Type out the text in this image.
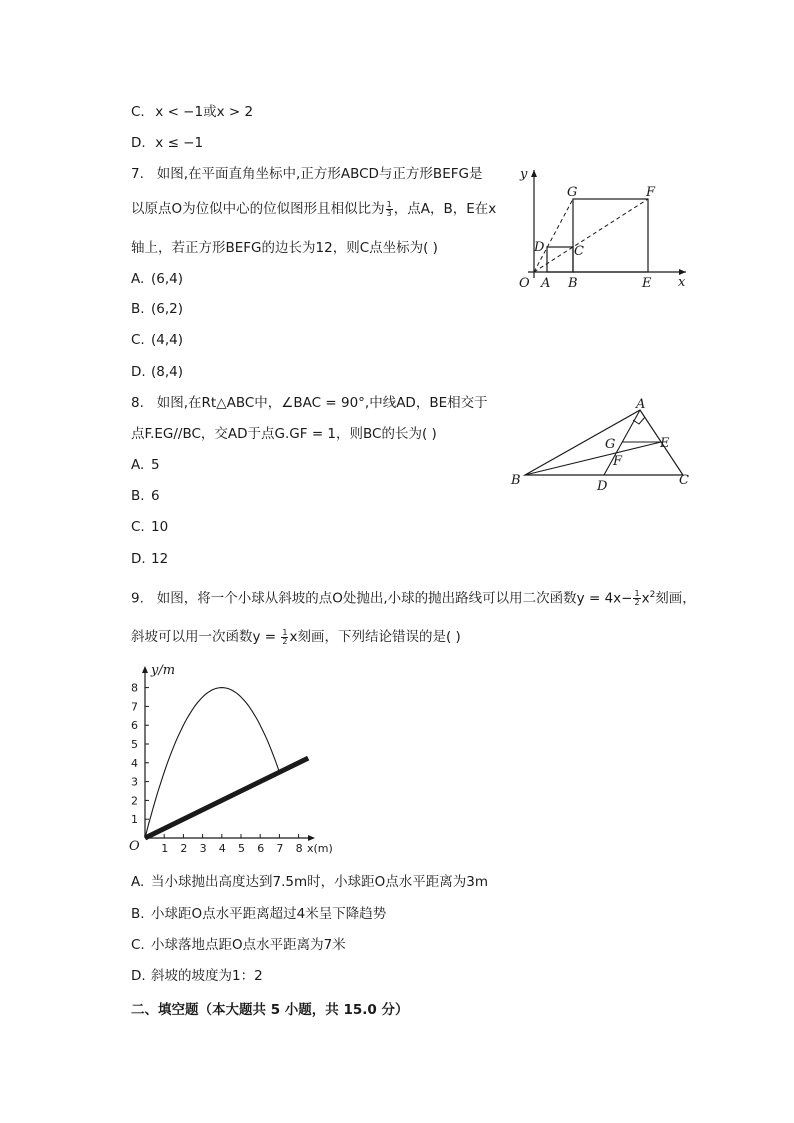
C. x < −1或x > 2
D. x ≤ −1
7. 如图,在平面直角坐标中,正方形ABCD与正方形BEFG是
以原点O为位似中心的位似图形且相似比为 $\frac{1}{3}$ ，点A，B，E在x
轴上，若正方形BEFG的边长为12，则C点坐标为( )
A. (6,4)
B. (6,2)
C. (4,4)
D. (8,4)
y
x
O A B	E
D C
G	F
8. 如图,在Rt△ABC中，∠BAC = 90°,中线AD，BE相交于
点F.EG//BC，交AD于点G.GF = 1，则BC的长为( )
A. 5
B. 6
C. 10
D. 12
A
B	C
D
E
F
G
9. 如图，将一个小球从斜坡的点O处抛出,小球的抛出路线可以用二次函数$y = 4x- \frac{1}{2} x^2$刻画，
斜坡可以用一次函数$y = \frac{1}{2}$ x刻画，下列结论错误的是( )
1 2 3 4 5 6 7 8
1
2
3
4
5
6
7
8
y/m
x(m)
O
A. 当小球抛出高度达到7.5m时，小球距O点水平距离为3m
B. 小球距O点水平距离超过4米呈下降趋势
C. 小球落地点距O点水平距离为7米
D. 斜坡的坡度为1：2
二、填空题（本大题共 5 小题，共 15.0 分）
